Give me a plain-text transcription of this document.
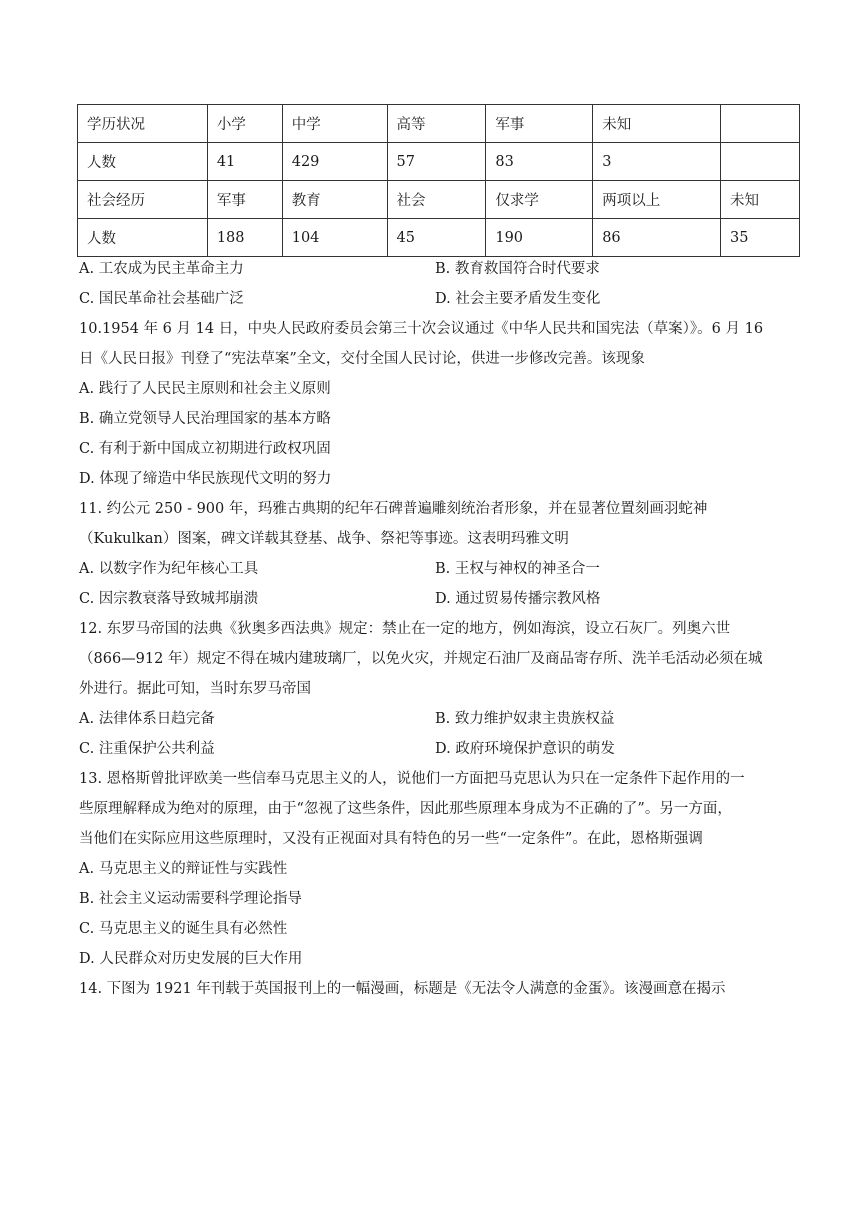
学历状况	小学	中学	高等	军事	未知	
人数	41	429	57	83	3	
社会经历	军事	教育	社会	仅求学	两项以上	未知
人数	188	104	45	190	86	35
A. 工农成为民主革命主力	B. 教育救国符合时代要求
C. 国民革命社会基础广泛	D. 社会主要矛盾发生变化
10.1954 年 6 月 14 日，中央人民政府委员会第三十次会议通过《中华人民共和国宪法（草案）》。6 月 16
日《人民日报》刊登了“宪法草案”全文，交付全国人民讨论，供进一步修改完善。该现象
A. 践行了人民民主原则和社会主义原则
B. 确立党领导人民治理国家的基本方略
C. 有利于新中国成立初期进行政权巩固
D. 体现了缔造中华民族现代文明的努力
11. 约公元 250 - 900 年，玛雅古典期的纪年石碑普遍雕刻统治者形象，并在显著位置刻画羽蛇神
（Kukulkan）图案，碑文详载其登基、战争、祭祀等事迹。这表明玛雅文明
A. 以数字作为纪年核心工具	B. 王权与神权的神圣合一
C. 因宗教衰落导致城邦崩溃	D. 通过贸易传播宗教风格
12. 东罗马帝国的法典《狄奥多西法典》规定：禁止在一定的地方，例如海滨，设立石灰厂。列奥六世
（866—912 年）规定不得在城内建玻璃厂，以免火灾，并规定石油厂及商品寄存所、洗羊毛活动必须在城
外进行。据此可知，当时东罗马帝国
A. 法律体系日趋完备	B. 致力维护奴隶主贵族权益
C. 注重保护公共利益	D. 政府环境保护意识的萌发
13. 恩格斯曾批评欧美一些信奉马克思主义的人，说他们一方面把马克思认为只在一定条件下起作用的一
些原理解释成为绝对的原理，由于“忽视了这些条件，因此那些原理本身成为不正确的了”。另一方面，
当他们在实际应用这些原理时，又没有正视面对具有特色的另一些“一定条件”。在此，恩格斯强调
A. 马克思主义的辩证性与实践性
B. 社会主义运动需要科学理论指导
C. 马克思主义的诞生具有必然性
D. 人民群众对历史发展的巨大作用
14. 下图为 1921 年刊载于英国报刊上的一幅漫画，标题是《无法令人满意的金蛋》。该漫画意在揭示
